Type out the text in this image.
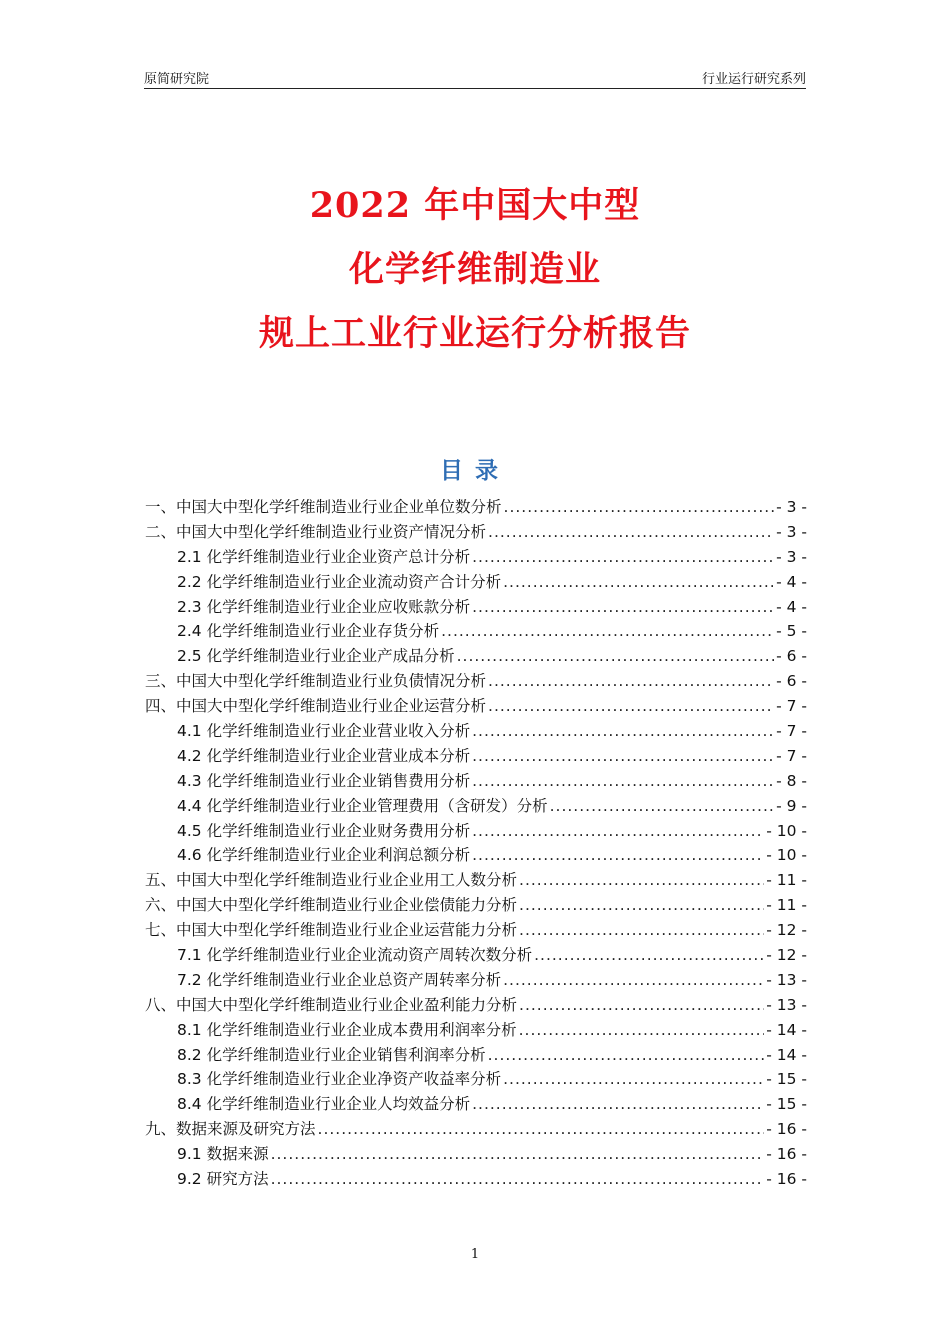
原简研究院	行业运行研究系列
2022 年中国大中型
化学纤维制造业
规上工业行业运行分析报告
目录
一、中国大中型化学纤维制造业行业企业单位数分析 .....	- 3 -
二、中国大中型化学纤维制造业行业资产情况分析 .....	- 3 -
2.1 化学纤维制造业行业企业资产总计分析 .....	- 3 -
2.2 化学纤维制造业行业企业流动资产合计分析 .....	- 4 -
2.3 化学纤维制造业行业企业应收账款分析 .....	- 4 -
2.4 化学纤维制造业行业企业存货分析 .....	- 5 -
2.5 化学纤维制造业行业企业产成品分析 .....	- 6 -
三、中国大中型化学纤维制造业行业负债情况分析 .....	- 6 -
四、中国大中型化学纤维制造业行业企业运营分析 .....	- 7 -
4.1 化学纤维制造业行业企业营业收入分析 .....	- 7 -
4.2 化学纤维制造业行业企业营业成本分析 .....	- 7 -
4.3 化学纤维制造业行业企业销售费用分析 .....	- 8 -
4.4 化学纤维制造业行业企业管理费用（含研发）分析 .....	- 9 -
4.5 化学纤维制造业行业企业财务费用分析 .....	- 10 -
4.6 化学纤维制造业行业企业利润总额分析 .....	- 10 -
五、中国大中型化学纤维制造业行业企业用工人数分析 .....	- 11 -
六、中国大中型化学纤维制造业行业企业偿债能力分析 .....	- 11 -
七、中国大中型化学纤维制造业行业企业运营能力分析 .....	- 12 -
7.1 化学纤维制造业行业企业流动资产周转次数分析 .....	- 12 -
7.2 化学纤维制造业行业企业总资产周转率分析 .....	- 13 -
八、中国大中型化学纤维制造业行业企业盈利能力分析 .....	- 13 -
8.1 化学纤维制造业行业企业成本费用利润率分析 .....	- 14 -
8.2 化学纤维制造业行业企业销售利润率分析 .....	- 14 -
8.3 化学纤维制造业行业企业净资产收益率分析 .....	- 15 -
8.4 化学纤维制造业行业企业人均效益分析 .....	- 15 -
九、数据来源及研究方法 .....	- 16 -
9.1 数据来源 .....	- 16 -
9.2 研究方法 .....	- 16 -
1
